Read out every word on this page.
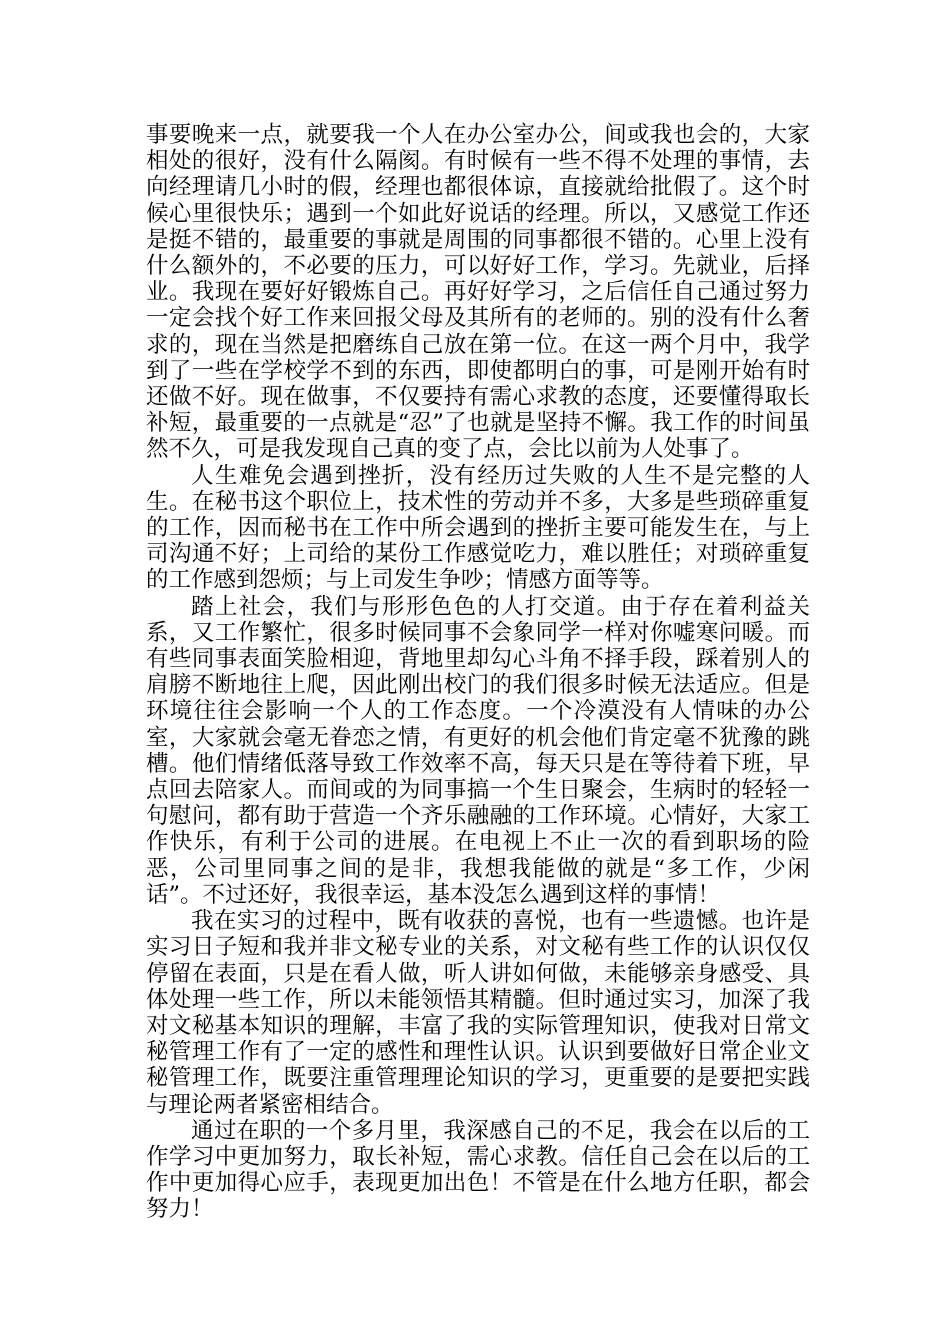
事要晚来一点，就要我一个人在办公室办公，间或我也会的，大家相处的很好，没有什么隔阂。有时候有一些不得不处理的事情，去向经理请几小时的假，经理也都很体谅，直接就给批假了。这个时候心里很快乐；遇到一个如此好说话的经理。所以，又感觉工作还是挺不错的，最重要的事就是周围的同事都很不错的。心里上没有什么额外的，不必要的压力，可以好好工作，学习。先就业，后择业。我现在要好好锻炼自己。再好好学习，之后信任自己通过努力一定会找个好工作来回报父母及其所有的老师的。别的没有什么奢求的，现在当然是把磨练自己放在第一位。在这一两个月中，我学到了一些在学校学不到的东西，即使都明白的事，可是刚开始有时还做不好。现在做事，不仅要持有需心求教的态度，还要懂得取长补短，最重要的一点就是“忍”了也就是坚持不懈。我工作的时间虽然不久，可是我发现自己真的变了点，会比以前为人处事了。

人生难免会遇到挫折，没有经历过失败的人生不是完整的人生。在秘书这个职位上，技术性的劳动并不多，大多是些琐碎重复的工作，因而秘书在工作中所会遇到的挫折主要可能发生在，与上司沟通不好；上司给的某份工作感觉吃力，难以胜任；对琐碎重复的工作感到怨烦；与上司发生争吵；情感方面等等。

踏上社会，我们与形形色色的人打交道。由于存在着利益关系，又工作繁忙，很多时候同事不会象同学一样对你嘘寒问暖。而有些同事表面笑脸相迎，背地里却勾心斗角不择手段，踩着别人的肩膀不断地往上爬，因此刚出校门的我们很多时候无法适应。但是环境往往会影响一个人的工作态度。一个冷漠没有人情味的办公室，大家就会毫无眷恋之情，有更好的机会他们肯定毫不犹豫的跳槽。他们情绪低落导致工作效率不高，每天只是在等待着下班，早点回去陪家人。而间或的为同事搞一个生日聚会，生病时的轻轻一句慰问，都有助于营造一个齐乐融融的工作环境。心情好，大家工作快乐，有利于公司的进展。在电视上不止一次的看到职场的险恶，公司里同事之间的是非，我想我能做的就是“多工作，少闲话”。不过还好，我很幸运，基本没怎么遇到这样的事情！

我在实习的过程中，既有收获的喜悦，也有一些遗憾。也许是实习日子短和我并非文秘专业的关系，对文秘有些工作的认识仅仅停留在表面，只是在看人做，听人讲如何做，未能够亲身感受、具体处理一些工作，所以未能领悟其精髓。但时通过实习，加深了我对文秘基本知识的理解，丰富了我的实际管理知识，使我对日常文秘管理工作有了一定的感性和理性认识。认识到要做好日常企业文秘管理工作，既要注重管理理论知识的学习，更重要的是要把实践与理论两者紧密相结合。

通过在职的一个多月里，我深感自己的不足，我会在以后的工作学习中更加努力，取长补短，需心求教。信任自己会在以后的工作中更加得心应手，表现更加出色！不管是在什么地方任职，都会努力！
